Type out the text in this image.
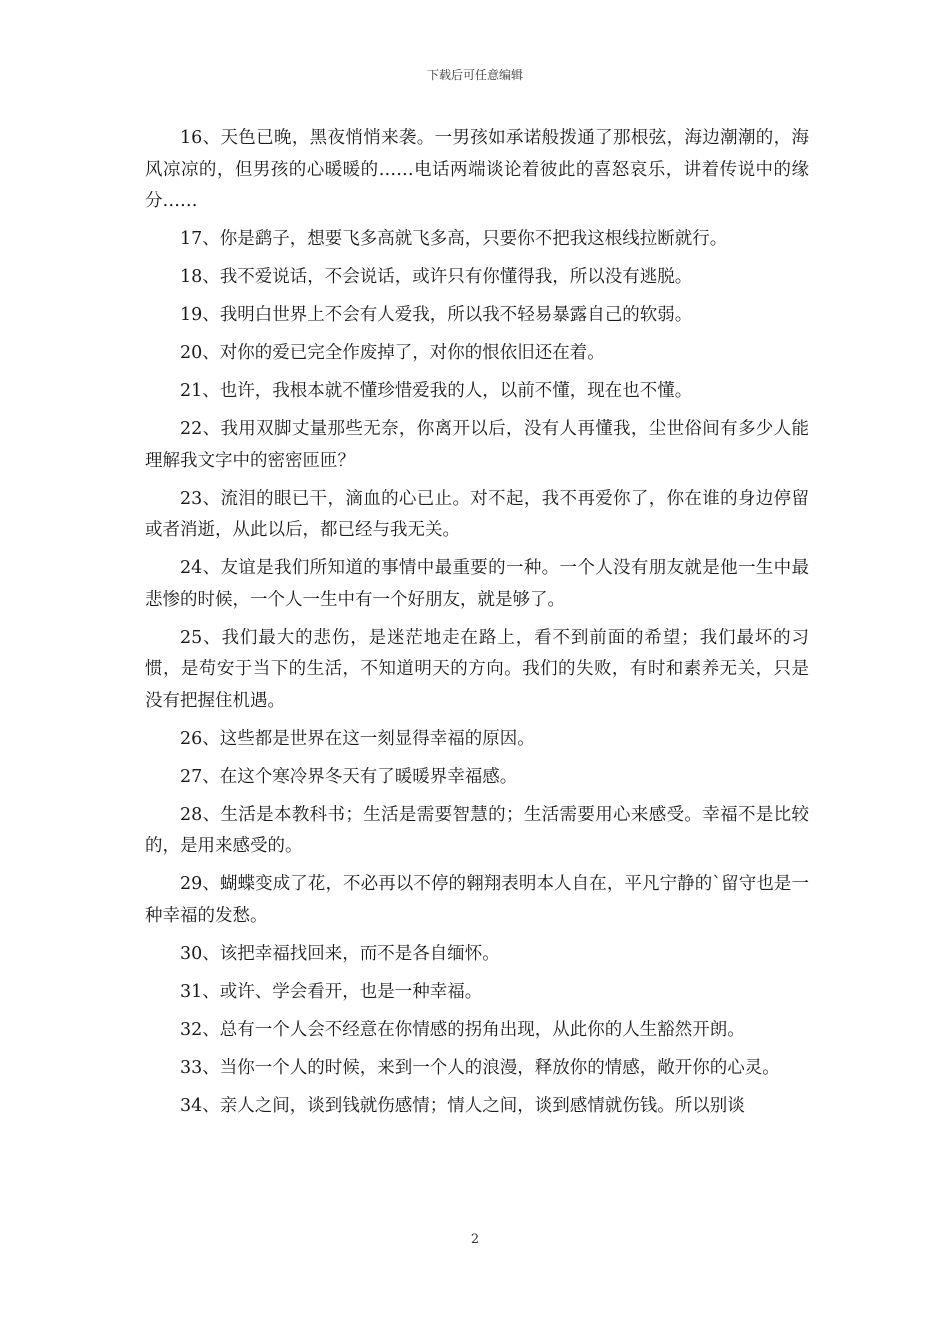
下载后可任意编辑

16、天色已晚，黑夜悄悄来袭。一男孩如承诺般拨通了那根弦，海边潮潮的，海风凉凉的，但男孩的心暖暖的……电话两端谈论着彼此的喜怒哀乐，讲着传说中的缘分……

17、你是鹞子，想要飞多高就飞多高，只要你不把我这根线拉断就行。

18、我不爱说话，不会说话，或许只有你懂得我，所以没有逃脱。

19、我明白世界上不会有人爱我，所以我不轻易暴露自己的软弱。

20、对你的爱已完全作废掉了，对你的恨依旧还在着。

21、也许，我根本就不懂珍惜爱我的人，以前不懂，现在也不懂。

22、我用双脚丈量那些无奈，你离开以后，没有人再懂我，尘世俗间有多少人能理解我文字中的密密匝匝？

23、流泪的眼已干，滴血的心已止。对不起，我不再爱你了，你在谁的身边停留或者消逝，从此以后，都已经与我无关。

24、友谊是我们所知道的事情中最重要的一种。一个人没有朋友就是他一生中最悲惨的时候，一个人一生中有一个好朋友，就是够了。

25、我们最大的悲伤，是迷茫地走在路上，看不到前面的希望；我们最坏的习惯，是苟安于当下的生活，不知道明天的方向。我们的失败，有时和素养无关，只是没有把握住机遇。

26、这些都是世界在这一刻显得幸福的原因。

27、在这个寒冷界冬天有了暖暖界幸福感。

28、生活是本教科书；生活是需要智慧的；生活需要用心来感受。幸福不是比较的，是用来感受的。

29、蝴蝶变成了花，不必再以不停的翱翔表明本人自在，平凡宁静的`留守也是一种幸福的发愁。

30、该把幸福找回来，而不是各自缅怀。

31、或许、学会看开，也是一种幸福。

32、总有一个人会不经意在你情感的拐角出现，从此你的人生豁然开朗。

33、当你一个人的时候，来到一个人的浪漫，释放你的情感，敞开你的心灵。

34、亲人之间，谈到钱就伤感情；情人之间，谈到感情就伤钱。所以别谈

2
